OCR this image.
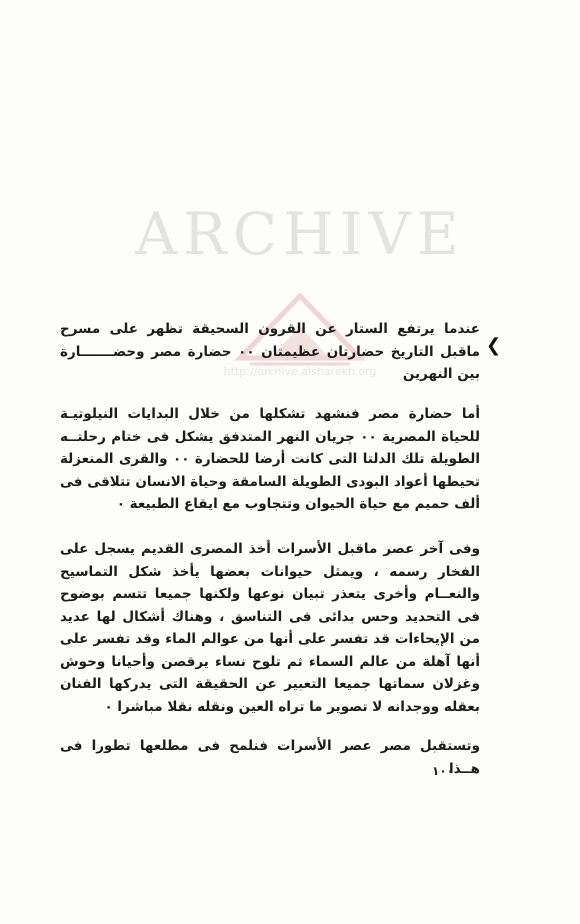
ARCHIVE
http://archive.alsharekh.org
❮
عندما يرتفع الستار عن القرون السحيقة تظهر على مسرح ماقبل التاريخ حضارتان عظيمتان ٠٠ حضارة مصر وحضـــــــارة بين النهرين
أما حضارة مصر فنشهد تشكلها من خلال البدايات النيلوتيـة للحياة المصرية ٠٠ جريان النهر المتدفق يشكل فى ختام رحلتــه الطويلة تلك الدلتا التى كانت أرضا للحضارة ٠٠ والقرى المنعزلة تحيطها أعواد البودى الطويلة السامقة وحياة الانسان تتلاقى فى ألف حميم مع حياة الحيوان وتتجاوب مع ايقاع الطبيعة ٠
وفى آخر عصر ماقبل الأسرات أخذ المصرى القديم يسجل على الفخار رسمه ، ويمثل حيوانات بعضها يأخذ شكل التماسيح والنعــام وأخرى يتعذر تبيان نوعها ولكنها جميعا تتسم بوضوح فى التحديد وحس بدائى فى التناسق ، وهناك أشكال لها عديد من الإيحاءات قد تفسر على أنها من عوالم الماء وقد تفسر على أنها آهلة من عالم السماء ثم تلوح نساء يرقصن وأحيانا وحوش وغزلان سماتها جميعا التعبير عن الحقيقة التى يدركها الفنان بعقله ووجدانه لا تصوير ما تراه العين ونقله نقلا مباشرا ٠
وتستقبل مصر عصر الأسرات فنلمح فى مطلعها تطورا فى هــذا
١٠٠
